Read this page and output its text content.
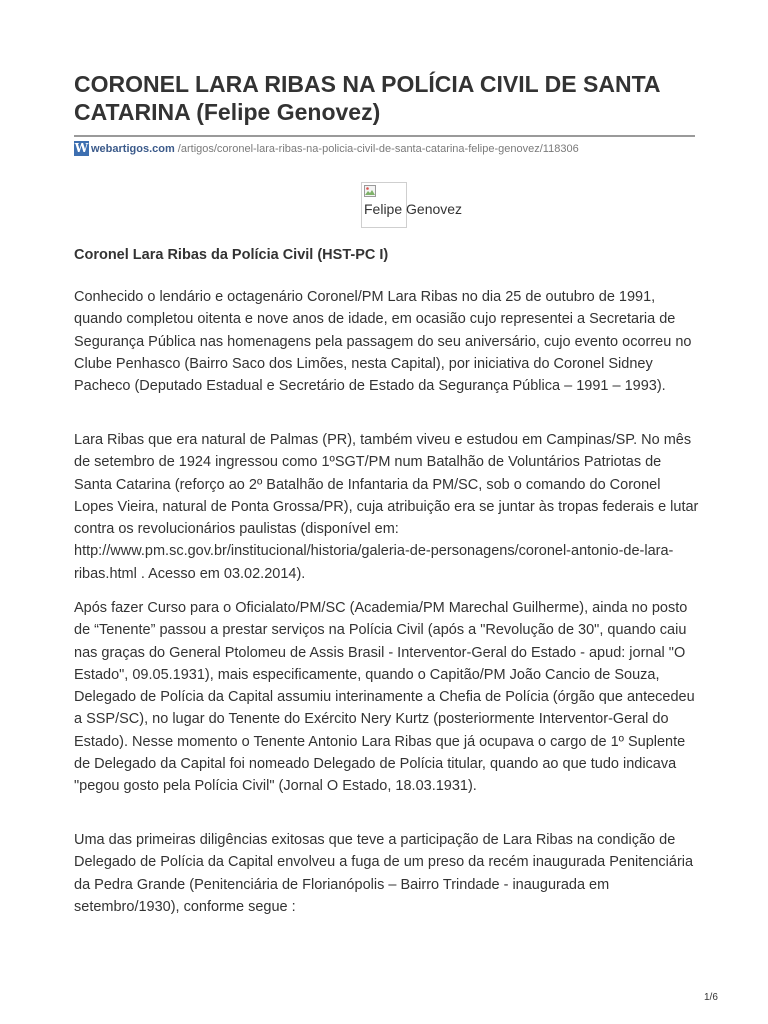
CORONEL LARA RIBAS NA POLÍCIA CIVIL DE SANTA CATARINA (Felipe Genovez)
W webartigos.com /artigos/coronel-lara-ribas-na-policia-civil-de-santa-catarina-felipe-genovez/118306
Felipe Genovez
Coronel Lara Ribas da Polícia Civil (HST-PC I)

Conhecido o lendário e octagenário Coronel/PM Lara Ribas no dia 25 de outubro de 1991, quando completou oitenta e nove anos de idade, em ocasião cujo representei a Secretaria de Segurança Pública nas homenagens pela passagem do seu aniversário, cujo evento ocorreu no Clube Penhasco (Bairro Saco dos Limões, nesta Capital), por iniciativa do Coronel Sidney Pacheco (Deputado Estadual e Secretário de Estado da Segurança Pública – 1991 – 1993).

Lara Ribas que era natural de Palmas (PR), também viveu e estudou em Campinas/SP. No mês de setembro de 1924 ingressou como 1ºSGT/PM num Batalhão de Voluntários Patriotas de Santa Catarina (reforço ao 2º Batalhão de Infantaria da PM/SC, sob o comando do Coronel Lopes Vieira, natural de Ponta Grossa/PR), cuja atribuição era se juntar às tropas federais e lutar contra os revolucionários paulistas (disponível em: http://www.pm.sc.gov.br/institucional/historia/galeria-de-personagens/coronel-antonio-de-lara-ribas.html . Acesso em 03.02.2014).

Após fazer Curso para o Oficialato/PM/SC (Academia/PM Marechal Guilherme), ainda no posto de “Tenente” passou a prestar serviços na Polícia Civil (após a "Revolução de 30", quando caiu nas graças do General Ptolomeu de Assis Brasil - Interventor-Geral do Estado - apud: jornal "O Estado", 09.05.1931), mais especificamente, quando o Capitão/PM João Cancio de Souza, Delegado de Polícia da Capital assumiu interinamente a Chefia de Polícia (órgão que antecedeu a SSP/SC), no lugar do Tenente do Exército Nery Kurtz (posteriormente Interventor-Geral do Estado). Nesse momento o Tenente Antonio Lara Ribas que já ocupava o cargo de 1º Suplente de Delegado da Capital foi nomeado Delegado de Polícia titular, quando ao que tudo indicava "pegou gosto pela Polícia Civil" (Jornal O Estado, 18.03.1931).

Uma das primeiras diligências exitosas que teve a participação de Lara Ribas na condição de Delegado de Polícia da Capital envolveu a fuga de um preso da recém inaugurada Penitenciária da Pedra Grande (Penitenciária de Florianópolis – Bairro Trindade - inaugurada em setembro/1930), conforme segue :

1/6
